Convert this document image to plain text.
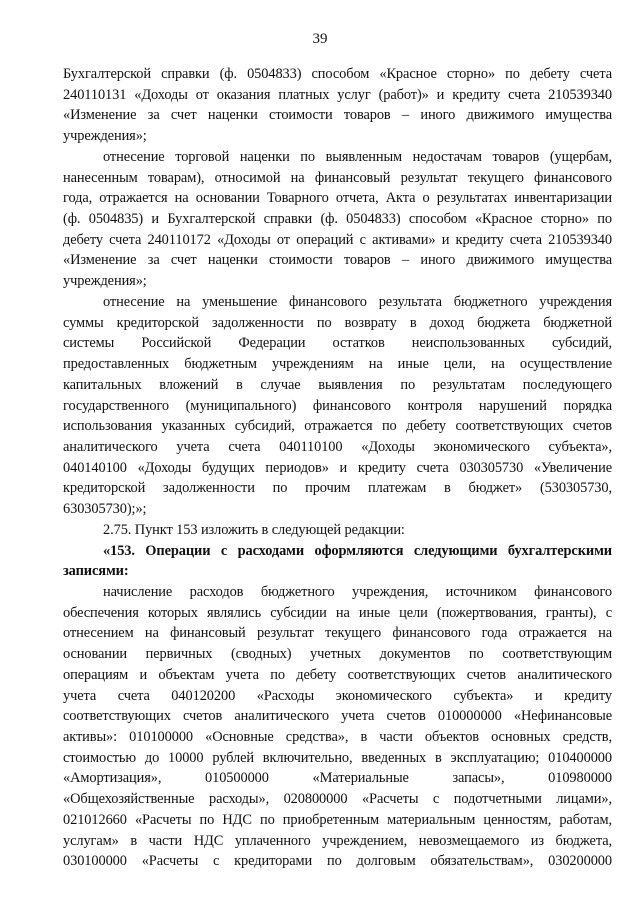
39
Бухгалтерской справки (ф. 0504833) способом «Красное сторно» по дебету счета
240110131 «Доходы от оказания платных услуг (работ)» и кредиту счета 210539340
«Изменение за счет наценки стоимости товаров – иного движимого имущества
учреждения»;
отнесение торговой наценки по выявленным недостачам товаров (ущербам,
нанесенным товарам), относимой на финансовый результат текущего финансового
года, отражается на основании Товарного отчета, Акта о результатах инвентаризации
(ф. 0504835) и Бухгалтерской справки (ф. 0504833) способом «Красное сторно» по
дебету счета 240110172 «Доходы от операций с активами» и кредиту счета 210539340
«Изменение за счет наценки стоимости товаров – иного движимого имущества
учреждения»;
отнесение на уменьшение финансового результата бюджетного учреждения
суммы кредиторской задолженности по возврату в доход бюджета бюджетной
системы Российской Федерации остатков неиспользованных субсидий,
предоставленных бюджетным учреждениям на иные цели, на осуществление
капитальных вложений в случае выявления по результатам последующего
государственного (муниципального) финансового контроля нарушений порядка
использования указанных субсидий, отражается по дебету соответствующих счетов
аналитического учета счета 040110100 «Доходы экономического субъекта»,
040140100 «Доходы будущих периодов» и кредиту счета 030305730 «Увеличение
кредиторской задолженности по прочим платежам в бюджет» (530305730,
630305730);»;
2.75. Пункт 153 изложить в следующей редакции:
«153. Операции с расходами оформляются следующими бухгалтерскими
записями:
начисление расходов бюджетного учреждения, источником финансового
обеспечения которых являлись субсидии на иные цели (пожертвования, гранты), с
отнесением на финансовый результат текущего финансового года отражается на
основании первичных (сводных) учетных документов по соответствующим
операциям и объектам учета по дебету соответствующих счетов аналитического
учета счета 040120200 «Расходы экономического субъекта» и кредиту
соответствующих счетов аналитического учета счетов 010000000 «Нефинансовые
активы»: 010100000 «Основные средства», в части объектов основных средств,
стоимостью до 10000 рублей включительно, введенных в эксплуатацию; 010400000
«Амортизация», 010500000 «Материальные запасы», 010980000
«Общехозяйственные расходы», 020800000 «Расчеты с подотчетными лицами»,
021012660 «Расчеты по НДС по приобретенным материальным ценностям, работам,
услугам» в части НДС уплаченного учреждением, невозмещаемого из бюджета,
030100000 «Расчеты с кредиторами по долговым обязательствам», 030200000
